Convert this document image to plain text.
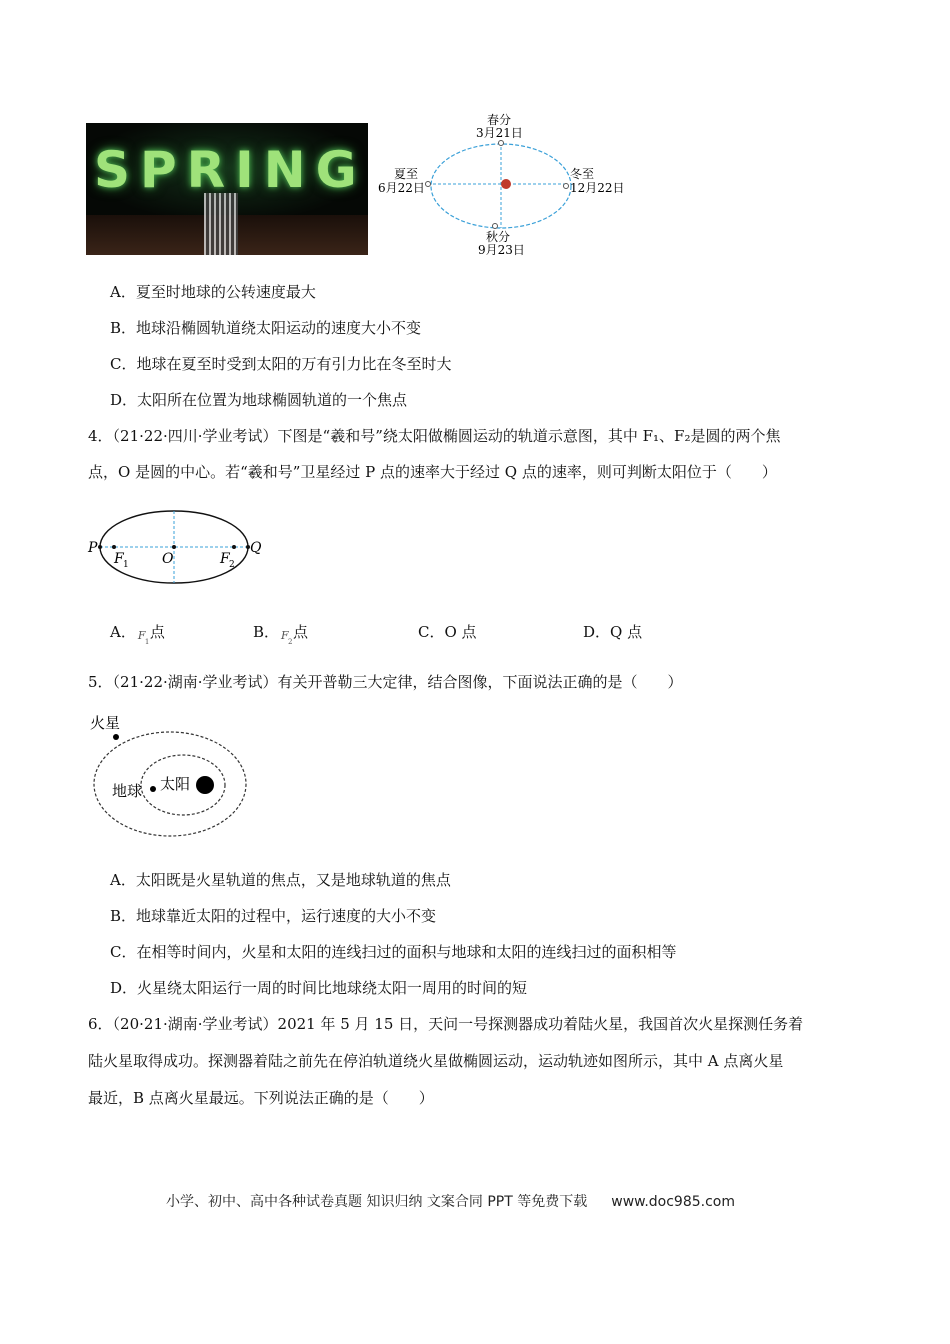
SPRING
春分
3月21日
夏至
6月22日
冬至
12月22日
秋分
9月23日
A．夏至时地球的公转速度最大
B．地球沿椭圆轨道绕太阳运动的速度大小不变
C．地球在夏至时受到太阳的万有引力比在冬至时大
D．太阳所在位置为地球椭圆轨道的一个焦点
4．（21·22·四川·学业考试）下图是“羲和号”绕太阳做椭圆运动的轨道示意图，其中 F₁、F₂是圆的两个焦
点，O 是圆的中心。若“羲和号”卫星经过 P 点的速率大于经过 Q 点的速率，则可判断太阳位于（　　）
P	Q
O
F 1	F 2
A． F 1
点	B． F 2
点	C．O 点	D．Q 点
5．（21·22·湖南·学业考试）有关开普勒三大定律，结合图像，下面说法正确的是（　　）
火星
地球 太阳
A．太阳既是火星轨道的焦点，又是地球轨道的焦点
B．地球靠近太阳的过程中，运行速度的大小不变
C．在相等时间内，火星和太阳的连线扫过的面积与地球和太阳的连线扫过的面积相等
D．火星绕太阳运行一周的时间比地球绕太阳一周用的时间的短
6．（20·21·湖南·学业考试）2021 年 5 月 15 日，天问一号探测器成功着陆火星，我国首次火星探测任务着
陆火星取得成功。探测器着陆之前先在停泊轨道绕火星做椭圆运动，运动轨迹如图所示，其中 A 点离火星
最近，B 点离火星最远。下列说法正确的是（　　）
小学、初中、高中各种试卷真题 知识归纳 文案合同 PPT 等免费下载 www.doc985.com
